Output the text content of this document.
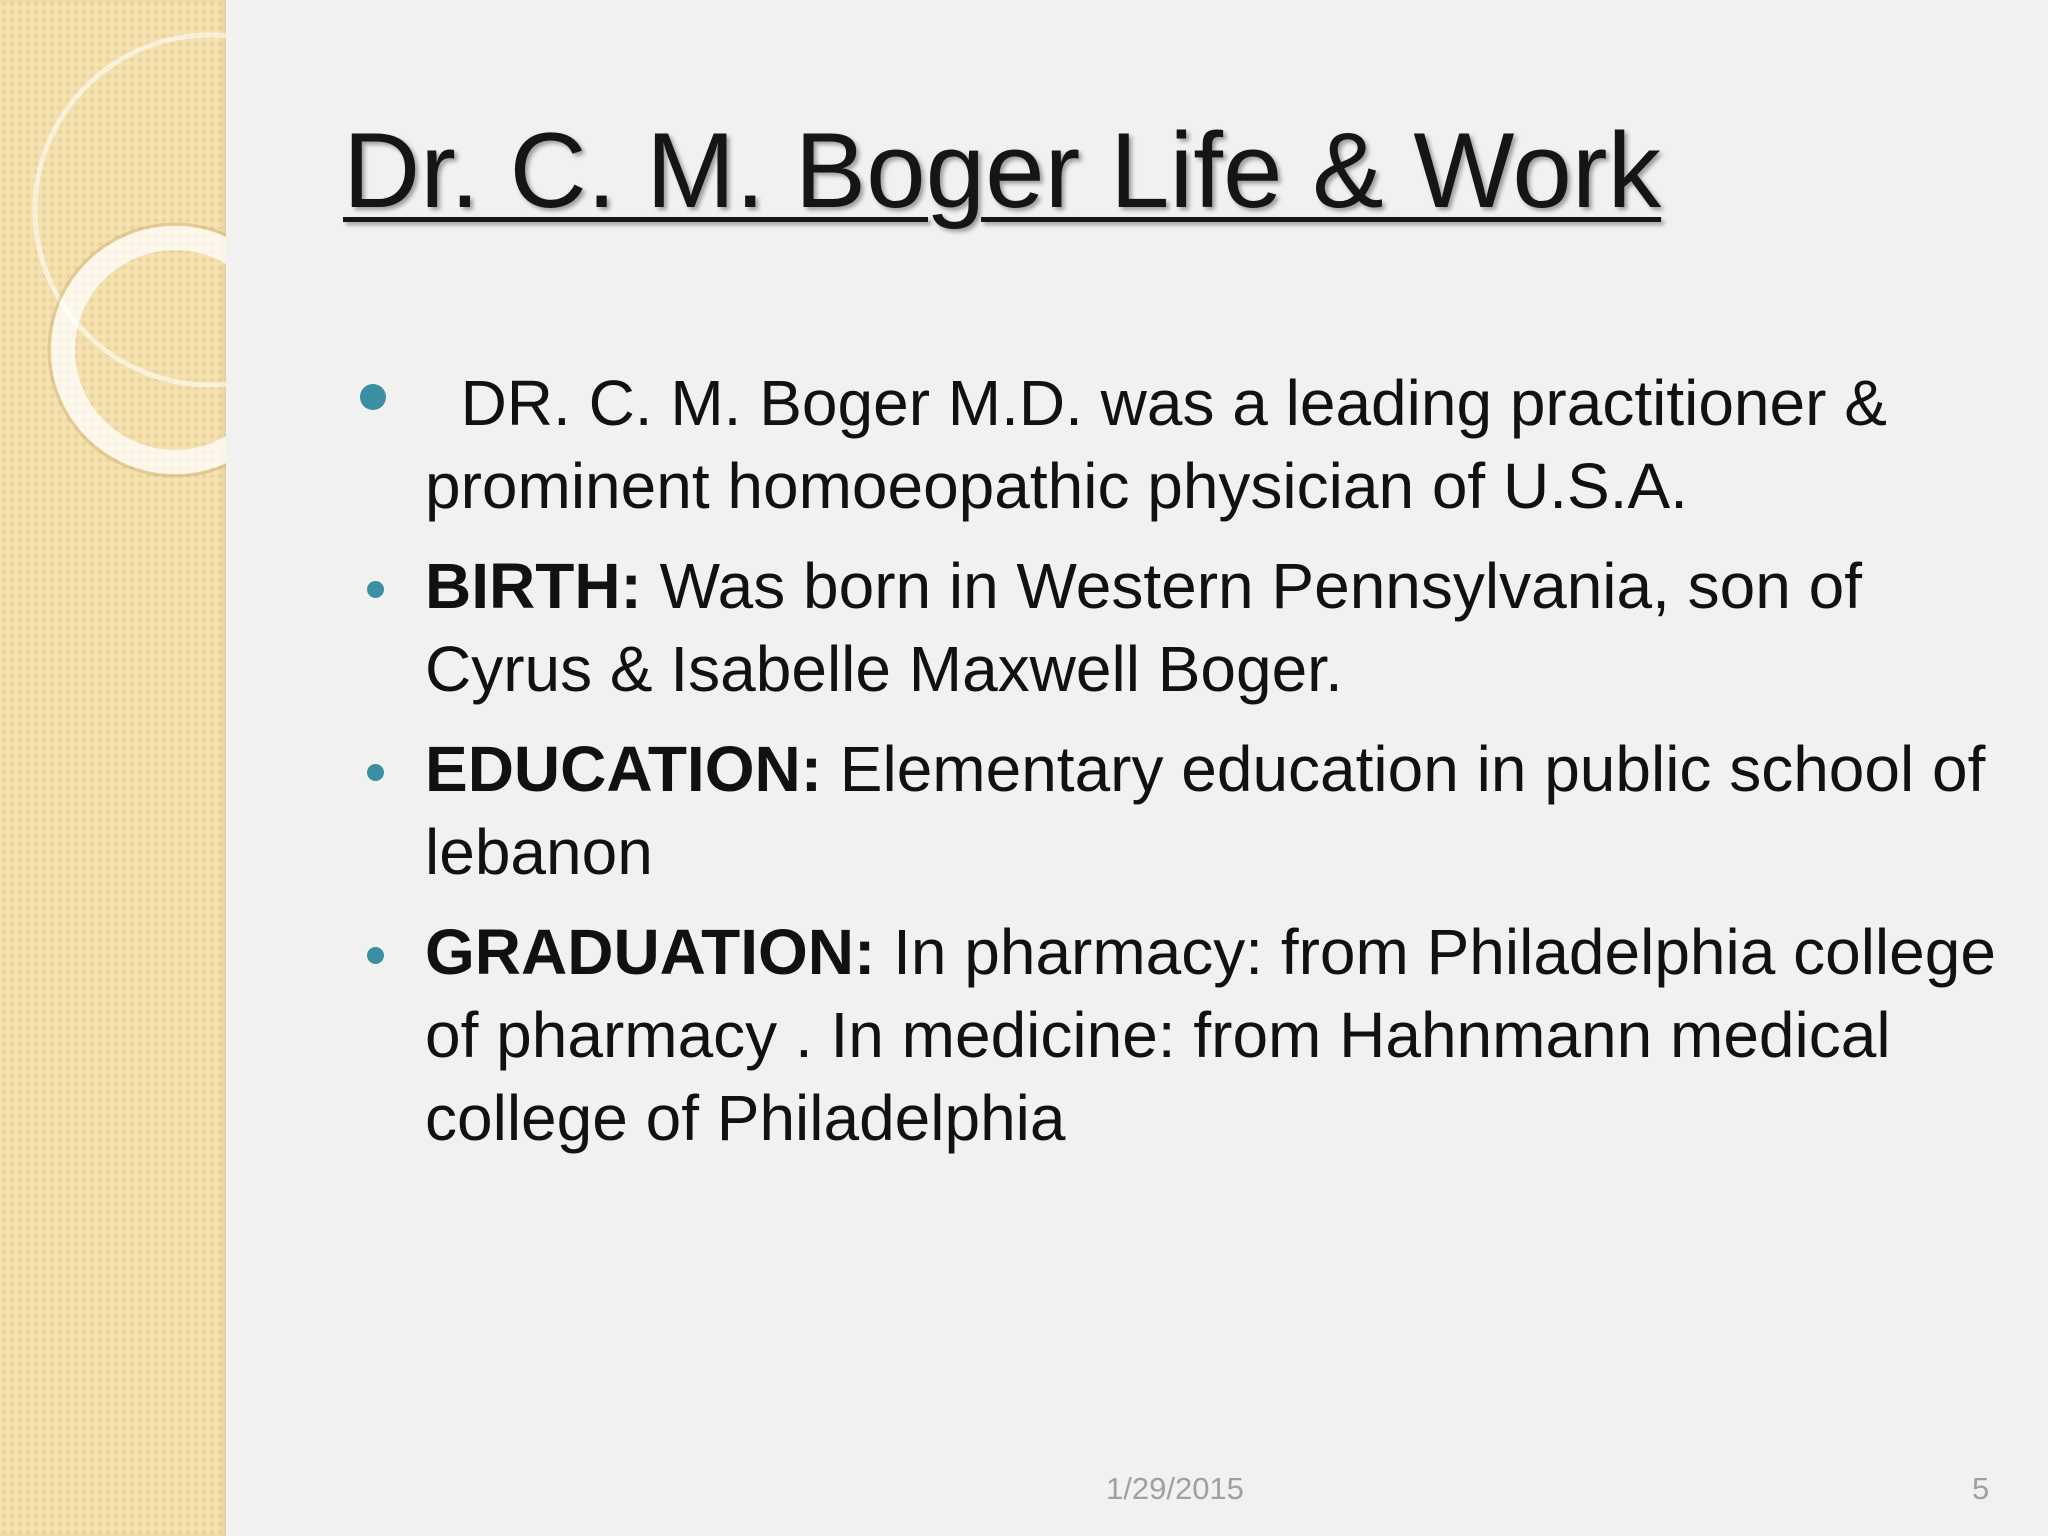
Dr. C. M. Boger Life & Work
DR. C. M. Boger M.D. was a leading practitioner & prominent homoeopathic physician of U.S.A.
BIRTH: Was born in Western Pennsylvania, son of Cyrus & Isabelle Maxwell Boger.
EDUCATION: Elementary education in public school of lebanon
GRADUATION: In pharmacy: from Philadelphia college of pharmacy . In medicine: from Hahnmann medical college of Philadelphia
1/29/2015	5
